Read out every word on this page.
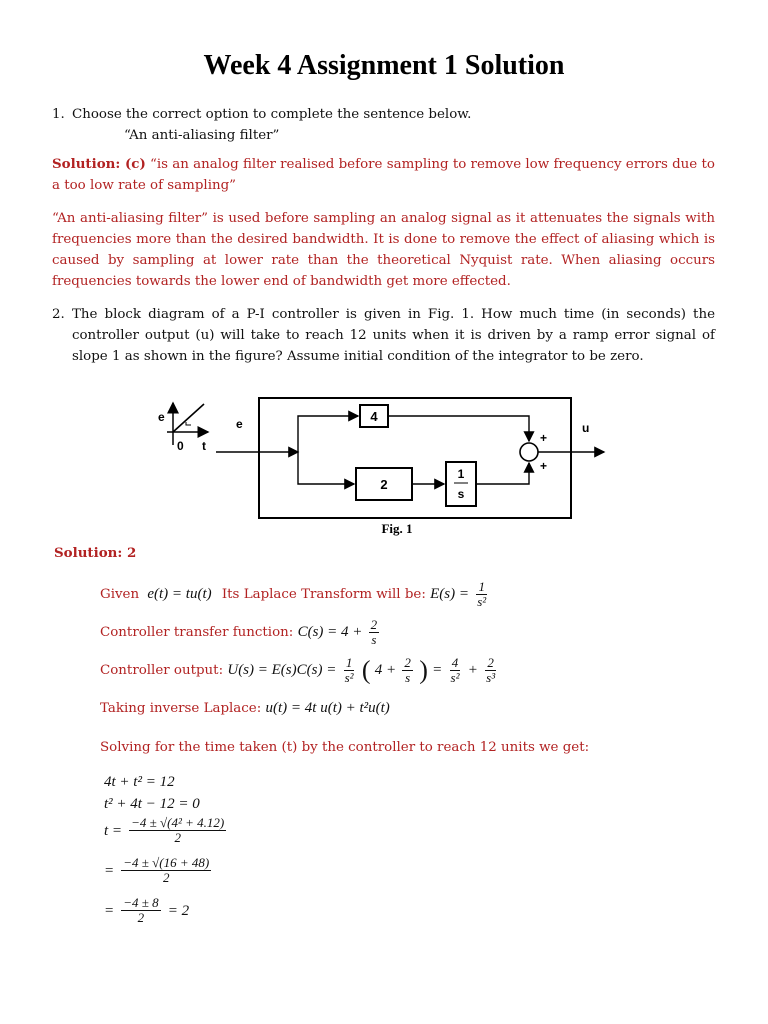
Week 4 Assignment 1 Solution
1. Choose the correct option to complete the sentence below.
“An anti-aliasing filter”
Solution: (c) “is an analog filter realised before sampling to remove low frequency errors due to a too low rate of sampling”
“An anti-aliasing filter” is used before sampling an analog signal as it attenuates the signals with frequencies more than the desired bandwidth. It is done to remove the effect of aliasing which is caused by sampling at lower rate than the theoretical Nyquist rate. When aliasing occurs frequencies towards the lower end of bandwidth get more effected.
2. The block diagram of a P-I controller is given in Fig. 1. How much time (in seconds) the controller output (u) will take to reach 12 units when it is driven by a ramp error signal of slope 1 as shown in the figure? Assume initial condition of the integrator to be zero.
e
0 t
e	4
2
1
s
+
+
u
Fig. 1
Solution: 2
Given e(t) = tu(t) Its Laplace Transform will be: $E(s) = \frac{1}{\text{s²}}$
Controller transfer function: $C(s) = 4 + \frac{2}{s}$
Controller output: $U(s) = E(s)C(s) = \frac{1}{\text{s²}}$ ( $4 + \frac{2}{s}$ ) = $\frac{4}{\text{s²}} + \frac{2}{\text{s³}}$
Taking inverse Laplace: u(t) = 4t u(t) + t²u(t)
Solving for the time taken (t) by the controller to reach 12 units we get:
4t + t² = 12
t² + 4t − 12 = 0
$t = \frac{\text{−4 ± √(4² + 4.12)}}{2}$
= $\frac{-4 \pm √(16 + 48)}{2}$
= $\frac{-4 \pm 8}{2} = 2$
